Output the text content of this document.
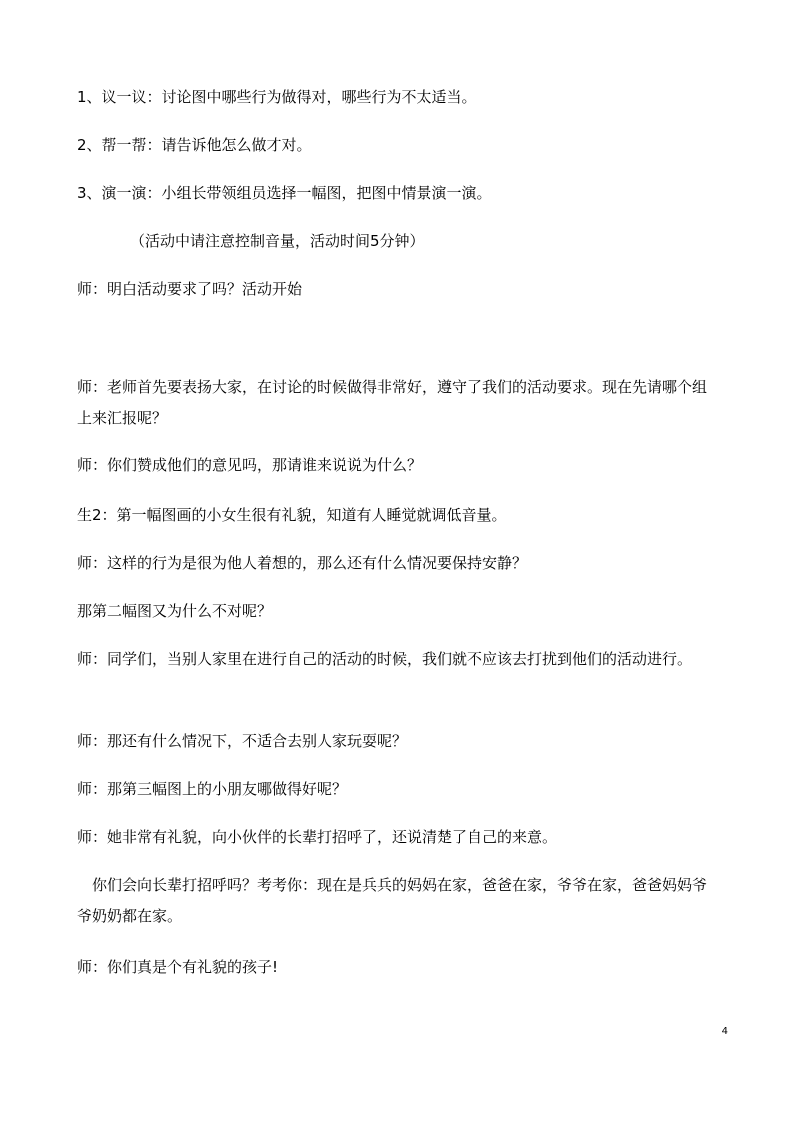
1、议一议：讨论图中哪些行为做得对，哪些行为不太适当。
2、帮一帮：请告诉他怎么做才对。
3、演一演：小组长带领组员选择一幅图，把图中情景演一演。
（活动中请注意控制音量，活动时间5分钟）
师：明白活动要求了吗？活动开始
师：老师首先要表扬大家，在讨论的时候做得非常好，遵守了我们的活动要求。现在先请哪个组上来汇报呢？
师：你们赞成他们的意见吗，那请谁来说说为什么？
生2：第一幅图画的小女生很有礼貌，知道有人睡觉就调低音量。
师：这样的行为是很为他人着想的，那么还有什么情况要保持安静？
那第二幅图又为什么不对呢？
师：同学们，当别人家里在进行自己的活动的时候，我们就不应该去打扰到他们的活动进行。
师：那还有什么情况下，不适合去别人家玩耍呢？
师：那第三幅图上的小朋友哪做得好呢？
师：她非常有礼貌，向小伙伴的长辈打招呼了，还说清楚了自己的来意。
你们会向长辈打招呼吗？考考你：现在是兵兵的妈妈在家，爸爸在家，爷爷在家，爸爸妈妈爷爷奶奶都在家。
师：你们真是个有礼貌的孩子!
4
